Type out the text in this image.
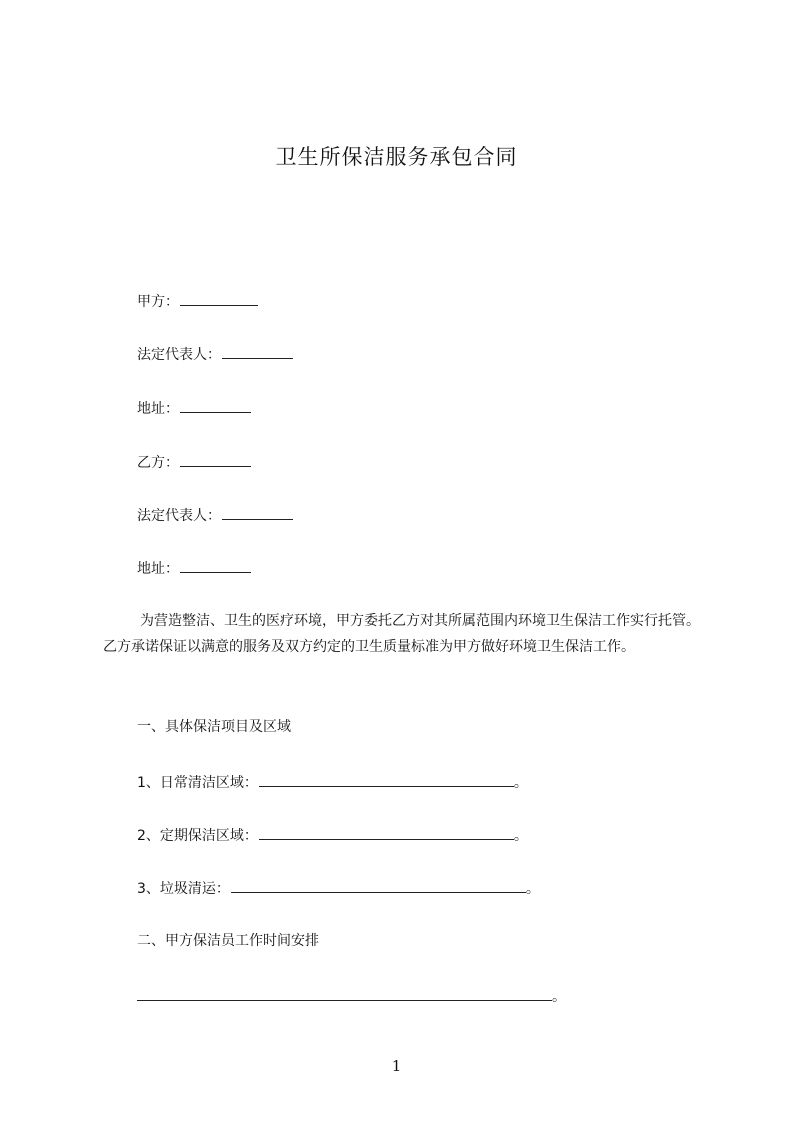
卫生所保洁服务承包合同
甲方：
法定代表人：
地址：
乙方：
法定代表人：
地址：
为营造整洁、卫生的医疗环境，甲方委托乙方对其所属范围内环境卫生保洁工作实行托管。乙方承诺保证以满意的服务及双方约定的卫生质量标准为甲方做好环境卫生保洁工作。
一、具体保洁项目及区域
1、日常清洁区域：	。
2、定期保洁区域：	。
3、垃圾清运：	。
二、甲方保洁员工作时间安排
。
1
